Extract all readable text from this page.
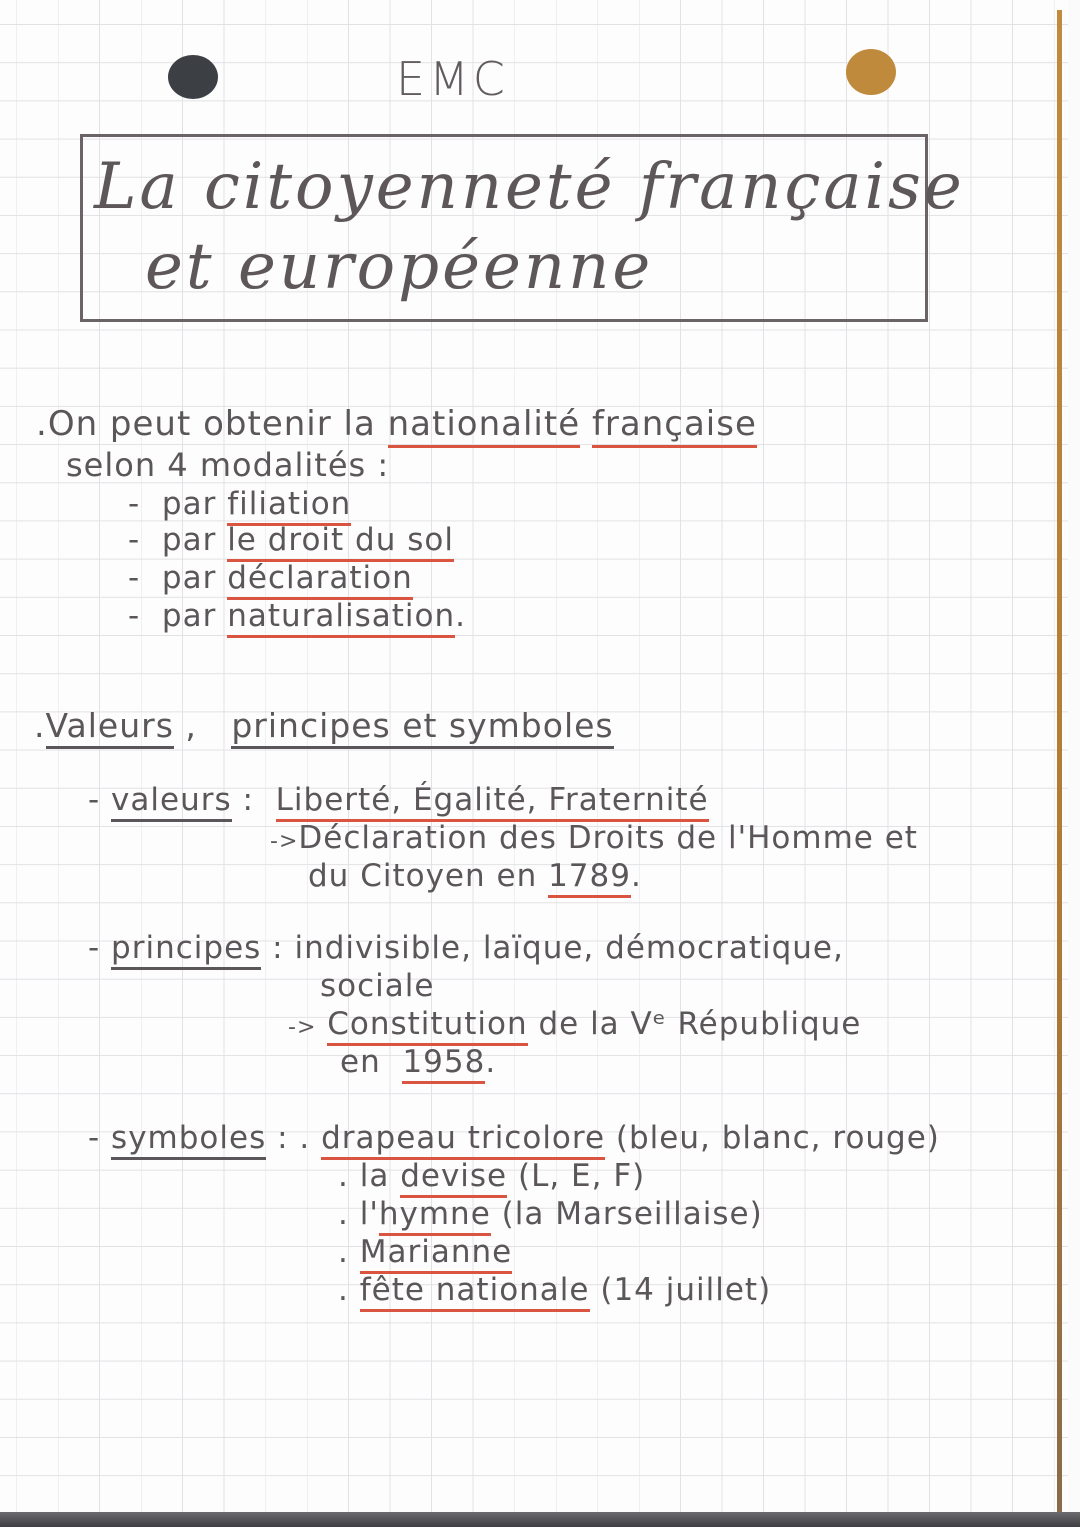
EMC
La citoyenneté française
et européenne
.On peut obtenir la nationalité française
selon 4 modalités :
- par filiation
- par le droit du sol
- par déclaration
- par naturalisation.
.Valeurs ,   principes et symboles
- valeurs : Liberté, Égalité, Fraternité
->Déclaration des Droits de l'Homme et
du Citoyen en 1789.
- principes : indivisible, laïque, démocratique,
sociale
-> Constitution de la Vᵉ République
en  1958.
- symboles : . drapeau tricolore (bleu, blanc, rouge)
. la devise (L, E, F)
. l'hymne (la Marseillaise)
. Marianne
. fête nationale (14 juillet)
